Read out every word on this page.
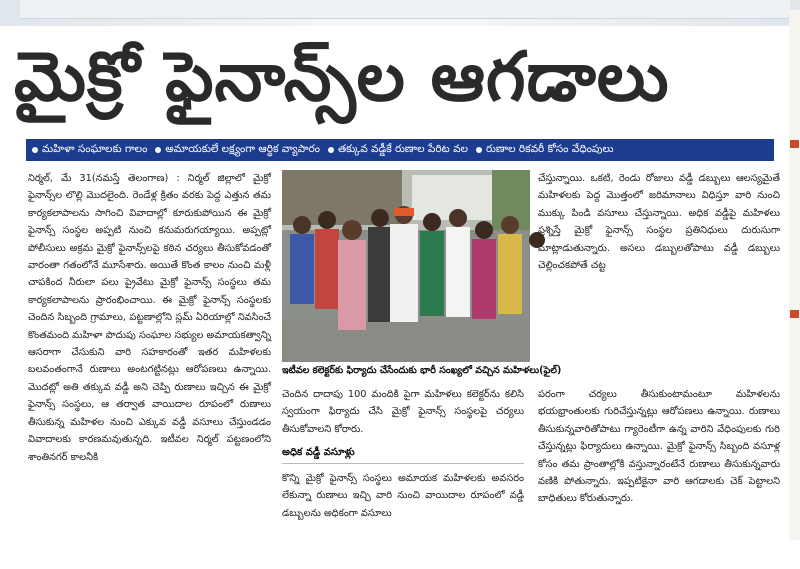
మైక్రో ఫైనాన్స్‌ల ఆగడాలు
మహిళా సంఘాలకు గాలం అమాయకులే లక్ష్యంగా ఆర్థిక వ్యాపారం తక్కువ వడ్డీకే రుణాల పేరిట వల రుణాల రికవరీ కోసం వేధింపులు

నిర్మల్‌, మే 31(నమస్తే తెలంగాణ) : నిర్మల్‌ జిల్లాలో మైక్రో ఫైనాన్స్‌ల లొల్లి మొదలైంది. రెండేళ్ల క్రితం వరకు పెద్ద ఎత్తున తమ కార్యకలాపాలను సాగించి వివాదాల్లో కూరుకుపోయిన ఈ మైక్రో ఫైనాన్స్‌ సంస్థల అప్పటి నుంచి కనుమరుగయ్యాయి. అప్పట్లో పోలీసులు అక్రమ మైక్రో ఫైనాన్స్‌లపై కఠిన చర్యలు తీసుకోవడంతో వారంతా గతంలోనే మూసేశారు. అయితే కొంత కాలం నుంచి మళ్లీ చాపకింద నీరులా పలు ప్రైవేటు మైక్రో ఫైనాన్స్‌ సంస్థలు తమ కార్యకలాపాలను ప్రారంభించాయి. ఈ మైక్రో ఫైనాన్స్‌ సంస్థలకు చెందిన సిబ్బంది గ్రామాలు, పట్టణాల్లోని స్లమ్‌ ఏరియాల్లో నివసించే కొంతమంది మహిళా పొదుపు సంఘాల సభ్యుల అమాయకత్వాన్ని ఆసరాగా చేసుకుని వారి సహకారంతో ఇతర మహిళలకు బలవంతంగానే రుణాలు అంటగట్టినట్లు ఆరోపణలు ఉన్నాయి. మొదట్లో అతి తక్కువ వడ్డీ అని చెప్పి రుణాలు ఇచ్చిన ఈ మైక్రో ఫైనాన్స్‌ సంస్థలు, ఆ తర్వాత వాయిదాల రూపంలో రుణాలు తీసుకున్న మహిళల నుంచి ఎక్కువ వడ్డీ వసూలు చేస్తుండడం వివాదాలకు కారణమవుతున్నది. ఇటీవల నిర్మల్‌ పట్టణంలోని శాంతినగర్‌ కాలనీకి

ఇటీవల కలెక్టర్‌కు ఫిర్యాదు చేసేందుకు భారీ సంఖ్యలో వచ్చిన మహిళలు(ఫైల్‌)

చెందిన దాదాపు 100 మందికి పైగా మహిళలు కలెక్టర్‌ను కలిసి స్వయంగా ఫిర్యాదు చేసి మైక్రో ఫైనాన్స్‌ సంస్థలపై చర్యలు తీసుకోవాలని కోరారు.

అధిక వడ్డీ వసూళ్లు

కొన్ని మైక్రో ఫైనాన్స్‌ సంస్థలు అమాయక మహిళలకు అవసరం లేకున్నా రుణాలు ఇచ్చి వారి నుంచి వాయిదాల రూపంలో వడ్డీ డబ్బులను అధికంగా వసూలు

చేస్తున్నాయి. ఒకటి, రెండు రోజులు వడ్డీ డబ్బులు ఆలస్యమైతే మహిళలకు పెద్ద మొత్తంలో జరిమానాలు విధిస్తూ వారి నుంచి ముక్కు పిండి వసూలు చేస్తున్నాయి. అధిక వడ్డీపై మహిళలు ప్రశ్నిస్తే మైక్రో ఫైనాన్స్‌ సంస్థల ప్రతినిధులు దురుసుగా మాట్లాడుతున్నారు. అసలు డబ్బులతోపాటు వడ్డీ డబ్బులు చెల్లించకపోతే చట్ట

పరంగా చర్యలు తీసుకుంటామంటూ మహిళలను భయభ్రాంతులకు గురిచేస్తున్నట్లు ఆరోపణలు ఉన్నాయి. రుణాలు తీసుకున్నవారితోపాటు గ్యారెంటీగా ఉన్న వారిని వేధింపులకు గురి చేస్తున్నట్లు ఫిర్యాదులు ఉన్నాయి. మైక్రో ఫైనాన్స్‌ సిబ్బంది వసూళ్ల కోసం తమ ప్రాంతాల్లోకి వస్తున్నారంటేనే రుణాలు తీసుకున్నవారు వణికి పోతున్నారు. ఇప్పటికైనా వారి ఆగడాలకు చెక్‌ పెట్టాలని బాధితులు కోరుతున్నారు.
